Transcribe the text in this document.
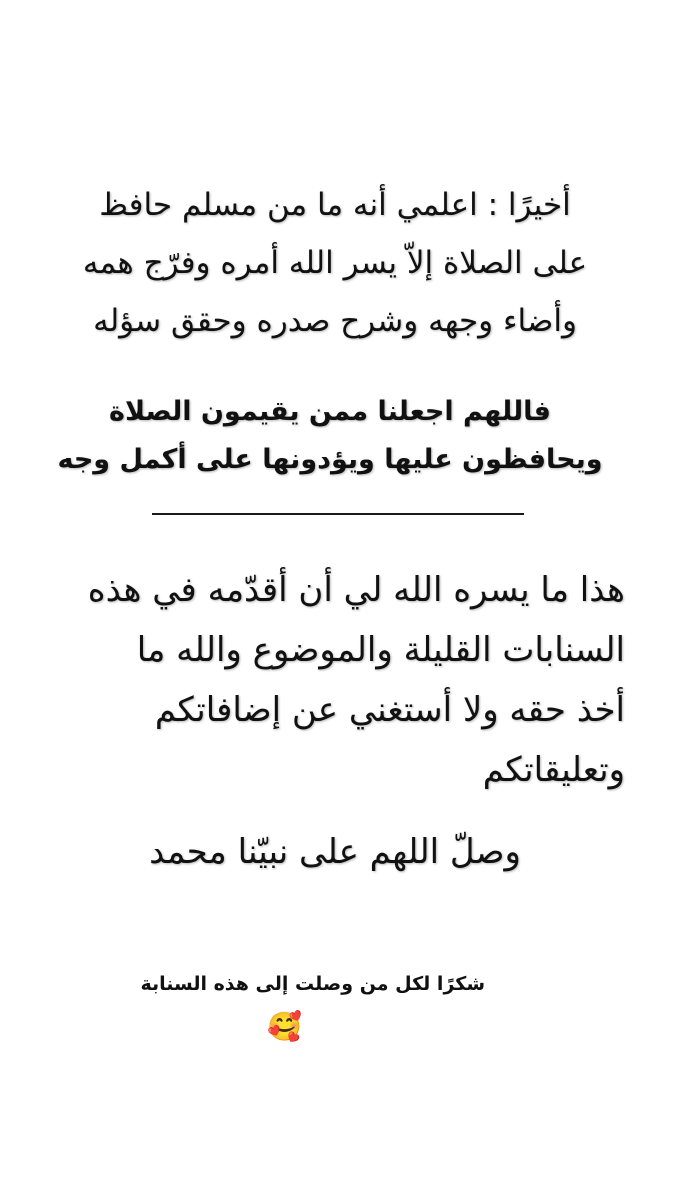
أخيرًا : اعلمي أنه ما من مسلم حافظ
على الصلاة إلاّ يسر الله أمره وفرّج همه
وأضاء وجهه وشرح صدره وحقق سؤله
فاللهم اجعلنا ممن يقيمون الصلاة
ويحافظون عليها ويؤدونها على أكمل وجه
هذا ما يسره الله لي أن أقدّمه في هذه
السنابات القليلة والموضوع والله ما
أخذ حقه ولا أستغني عن إضافاتكم
وتعليقاتكم
وصلّ اللهم على نبيّنا محمد
شكرًا لكل من وصلت إلى هذه السنابة
🥰
